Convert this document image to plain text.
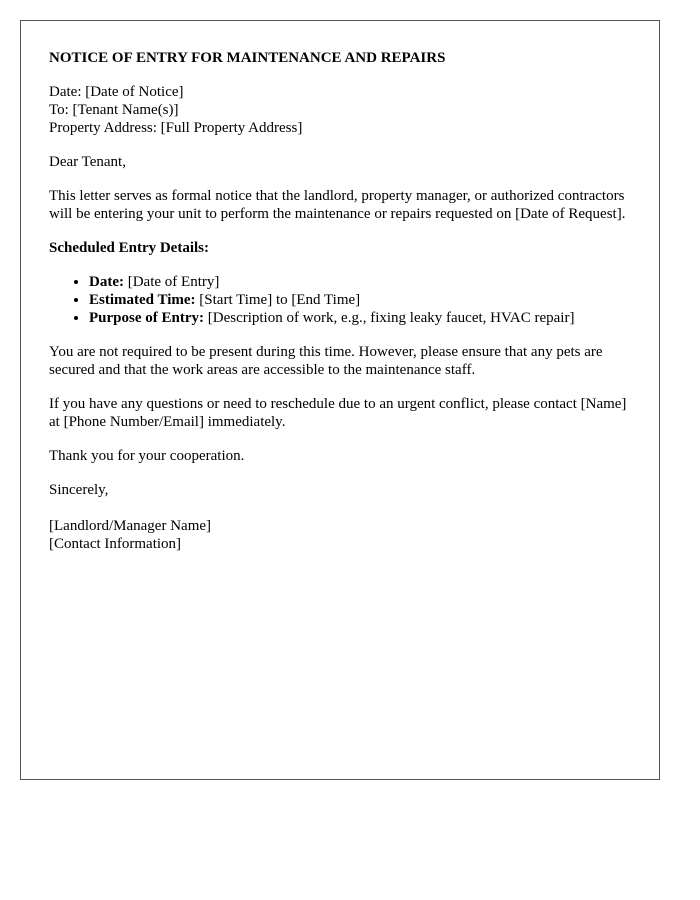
NOTICE OF ENTRY FOR MAINTENANCE AND REPAIRS

Date: [Date of Notice]

To: [Tenant Name(s)]

Property Address: [Full Property Address]

Dear Tenant,

This letter serves as formal notice that the landlord, property manager, or authorized contractors will be entering your unit to perform the maintenance or repairs requested on [Date of Request].

Scheduled Entry Details:

• Date: [Date of Entry]
• Estimated Time: [Start Time] to [End Time]
• Purpose of Entry: [Description of work, e.g., fixing leaky faucet, HVAC repair]

You are not required to be present during this time. However, please ensure that any pets are secured and that the work areas are accessible to the maintenance staff.

If you have any questions or need to reschedule due to an urgent conflict, please contact [Name] at [Phone Number/Email] immediately.

Thank you for your cooperation.

Sincerely,

[Landlord/Manager Name]

[Contact Information]
